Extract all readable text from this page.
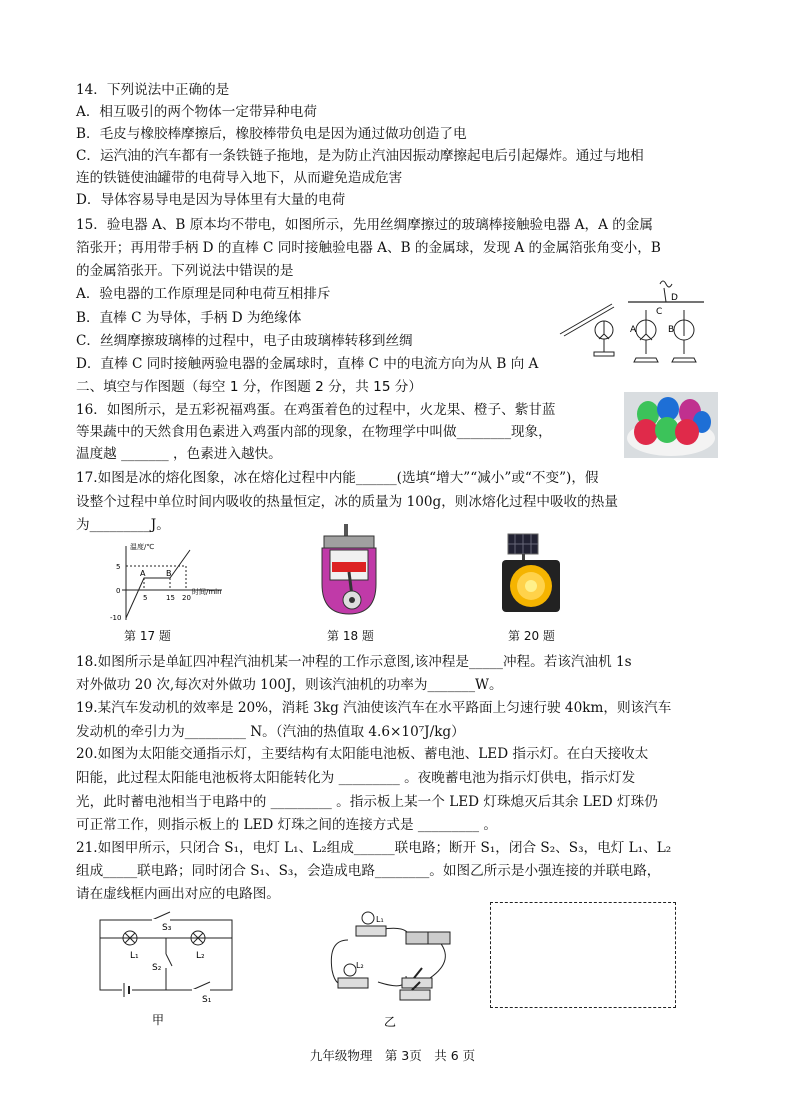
14．下列说法中正确的是
A．相互吸引的两个物体一定带异种电荷
B．毛皮与橡胶棒摩擦后，橡胶棒带负电是因为通过做功创造了电
C．运汽油的汽车都有一条铁链子拖地，是为防止汽油因振动摩擦起电后引起爆炸。通过与地相
连的铁链使油罐带的电荷导入地下，从而避免造成危害
D．导体容易导电是因为导体里有大量的电荷
15．验电器 A、B 原本均不带电，如图所示，先用丝绸摩擦过的玻璃棒接触验电器 A，A 的金属
箔张开；再用带手柄 D 的直棒 C 同时接触验电器 A、B 的金属球，发现 A 的金属箔张角变小，B
的金属箔张开。下列说法中错误的是
A．验电器的工作原理是同种电荷互相排斥
B．直棒 C 为导体，手柄 D 为绝缘体
C．丝绸摩擦玻璃棒的过程中，电子由玻璃棒转移到丝绸
D．直棒 C 同时接触两验电器的金属球时，直棒 C 中的电流方向为从 B 向 A
D
C
A	B
二、填空与作图题（每空 1 分，作图题 2 分，共 15 分）
16．如图所示，是五彩祝福鸡蛋。在鸡蛋着色的过程中，火龙果、橙子、紫甘蓝
等果蔬中的天然食用色素进入鸡蛋内部的现象，在物理学中叫做________现象，
温度越 _______ ，色素进入越快。
17.如图是冰的熔化图象，冰在熔化过程中内能______(选填“增大”“减小”或“不变”)，假
设整个过程中单位时间内吸收的热量恒定，冰的质量为 100g，则冰熔化过程中吸收的热量
为_________J。
温度/℃
时间/min
5
0
-10
5	15 20
A	B
第 17 题	第 18 题	第 20 题
18.如图所示是单缸四冲程汽油机某一冲程的工作示意图,该冲程是_____冲程。若该汽油机 1s
对外做功 20 次,每次对外做功 100J，则该汽油机的功率为_______W。
19.某汽车发动机的效率是 20%，消耗 3kg 汽油使该汽车在水平路面上匀速行驶 40km，则该汽车
发动机的牵引力为_________ N。（汽油的热值取 4.6×10⁷J/kg）
20.如图为太阳能交通指示灯，主要结构有太阳能电池板、蓄电池、LED 指示灯。在白天接收太
阳能，此过程太阳能电池板将太阳能转化为 _________ 。夜晚蓄电池为指示灯供电，指示灯发
光，此时蓄电池相当于电路中的 _________ 。指示板上某一个 LED 灯珠熄灭后其余 LED 灯珠仍
可正常工作，则指示板上的 LED 灯珠之间的连接方式是 _________ 。
21.如图甲所示，只闭合 S₁，电灯 L₁、L₂组成______联电路；断开 S₁，闭合 S₂、S₃，电灯 L₁、L₂
组成_____联电路；同时闭合 S₁、S₃，会造成电路________。如图乙所示是小强连接的并联电路，
请在虚线框内画出对应的电路图。
S₃
L₁	L₂
S₂
S₁
甲
L₁
L₂
乙
九年级物理　第 3页　共 6 页
